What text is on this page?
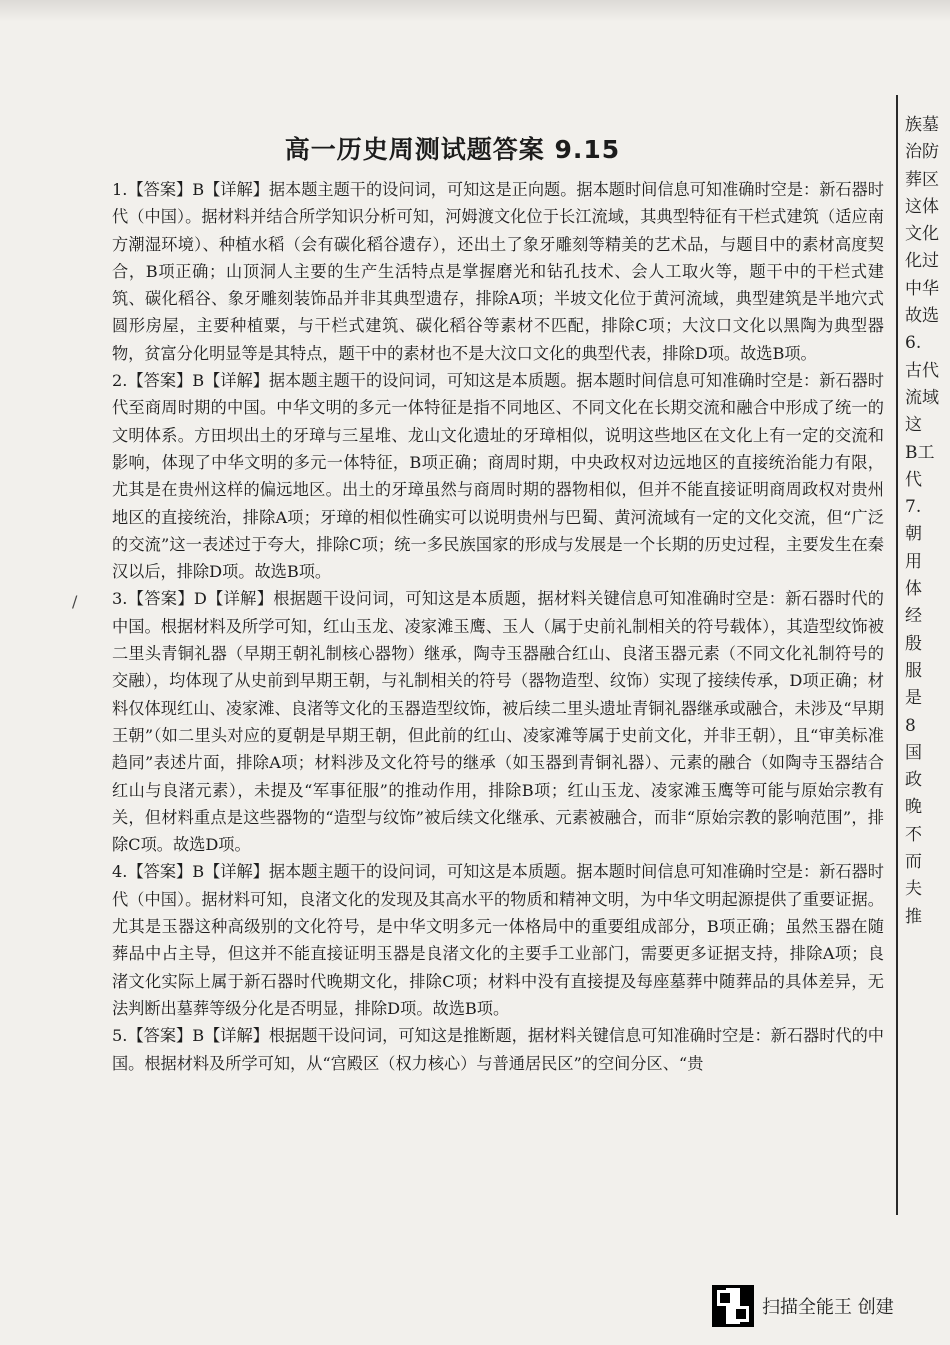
高一历史周测试题答案 9.15

1.【答案】B【详解】据本题主题干的设问词，可知这是正向题。据本题时间信息可知准确时空是：新石器时代（中国）。据材料并结合所学知识分析可知，河姆渡文化位于长江流域，其典型特征有干栏式建筑（适应南方潮湿环境）、种植水稻（会有碳化稻谷遗存），还出土了象牙雕刻等精美的艺术品，与题目中的素材高度契合，B项正确；山顶洞人主要的生产生活特点是掌握磨光和钻孔技术、会人工取火等，题干中的干栏式建筑、碳化稻谷、象牙雕刻装饰品并非其典型遗存，排除A项；半坡文化位于黄河流域，典型建筑是半地穴式圆形房屋，主要种植粟，与干栏式建筑、碳化稻谷等素材不匹配，排除C项；大汶口文化以黑陶为典型器物，贫富分化明显等是其特点，题干中的素材也不是大汶口文化的典型代表，排除D项。故选B项。

2.【答案】B【详解】据本题主题干的设问词，可知这是本质题。据本题时间信息可知准确时空是：新石器时代至商周时期的中国。中华文明的多元一体特征是指不同地区、不同文化在长期交流和融合中形成了统一的文明体系。方田坝出土的牙璋与三星堆、龙山文化遗址的牙璋相似，说明这些地区在文化上有一定的交流和影响，体现了中华文明的多元一体特征，B项正确；商周时期，中央政权对边远地区的直接统治能力有限，尤其是在贵州这样的偏远地区。出土的牙璋虽然与商周时期的器物相似，但并不能直接证明商周政权对贵州地区的直接统治，排除A项；牙璋的相似性确实可以说明贵州与巴蜀、黄河流域有一定的文化交流，但“广泛的交流”这一表述过于夸大，排除C项；统一多民族国家的形成与发展是一个长期的历史过程，主要发生在秦汉以后，排除D项。故选B项。

3.【答案】D【详解】根据题干设问词，可知这是本质题，据材料关键信息可知准确时空是：新石器时代的中国。根据材料及所学可知，红山玉龙、凌家滩玉鹰、玉人（属于史前礼制相关的符号载体），其造型纹饰被二里头青铜礼器（早期王朝礼制核心器物）继承，陶寺玉器融合红山、良渚玉器元素（不同文化礼制符号的交融），均体现了从史前到早期王朝，与礼制相关的符号（器物造型、纹饰）实现了接续传承，D项正确；材料仅体现红山、凌家滩、良渚等文化的玉器造型纹饰，被后续二里头遗址青铜礼器继承或融合，未涉及“早期王朝”（如二里头对应的夏朝是早期王朝，但此前的红山、凌家滩等属于史前文化，并非王朝），且“审美标准趋同”表述片面，排除A项；材料涉及文化符号的继承（如玉器到青铜礼器）、元素的融合（如陶寺玉器结合红山与良渚元素），未提及“军事征服”的推动作用，排除B项；红山玉龙、凌家滩玉鹰等可能与原始宗教有关，但材料重点是这些器物的“造型与纹饰”被后续文化继承、元素被融合，而非“原始宗教的影响范围”，排除C项。故选D项。

4.【答案】B【详解】据本题主题干的设问词，可知这是本质题。据本题时间信息可知准确时空是：新石器时代（中国）。据材料可知，良渚文化的发现及其高水平的物质和精神文明，为中华文明起源提供了重要证据。尤其是玉器这种高级别的文化符号，是中华文明多元一体格局中的重要组成部分，B项正确；虽然玉器在随葬品中占主导，但这并不能直接证明玉器是良渚文化的主要手工业部门，需要更多证据支持，排除A项；良渚文化实际上属于新石器时代晚期文化，排除C项；材料中没有直接提及每座墓葬中随葬品的具体差异，无法判断出墓葬等级分化是否明显，排除D项。故选B项。

5.【答案】B【详解】根据题干设问词，可知这是推断题，据材料关键信息可知准确时空是：新石器时代的中国。根据材料及所学可知，从“宫殿区（权力核心）与普通居民区”的空间分区、“贵

/
族墓
治防
葬区
这体
文化
化过
中华
故选
6.
古代
流域
这
B工
代
7.
朝
用
体
经
殷
服
是
8
国
政
晚
不
而
夫
推
扫描全能王 创建
